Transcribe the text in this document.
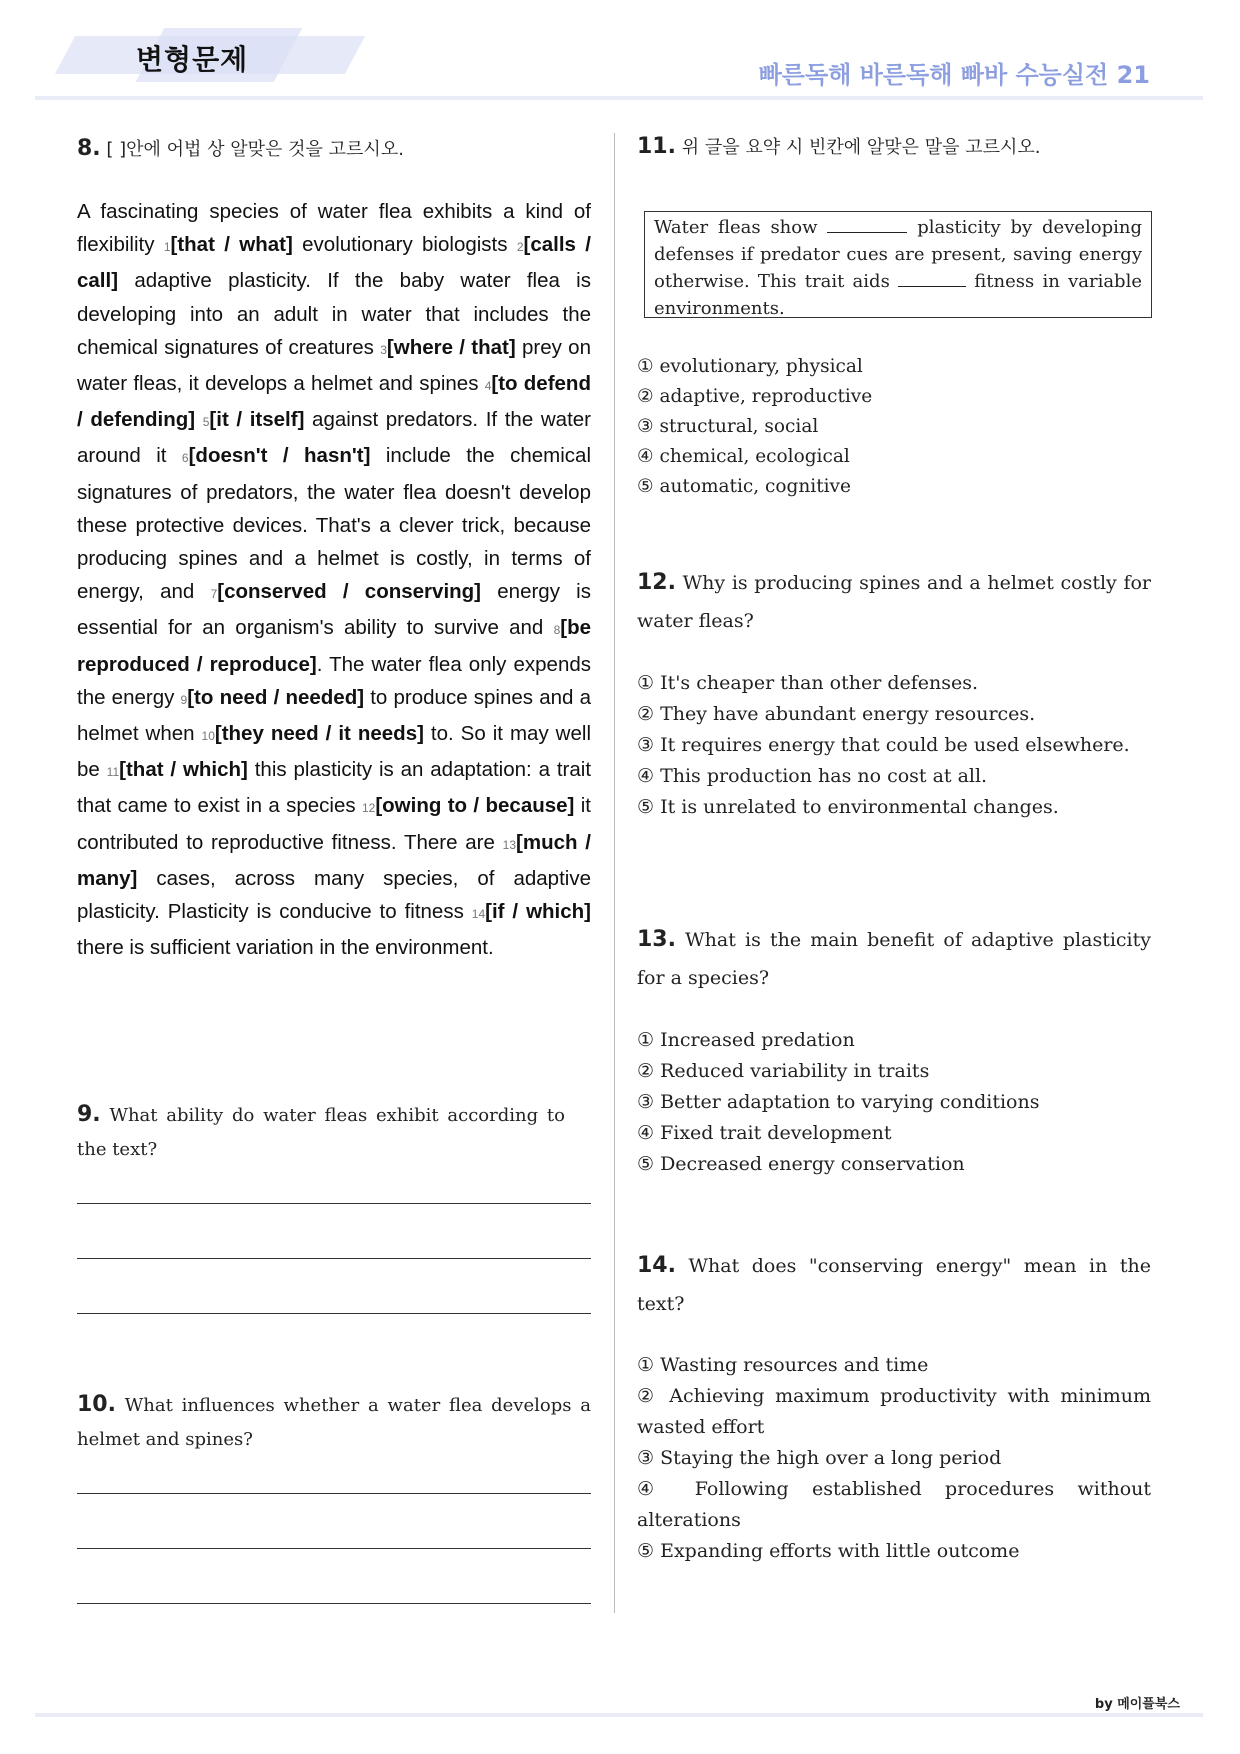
변형문제	빠른독해 바른독해 빠바 수능실전 21
8. [ ]안에 어법 상 알맞은 것을 고르시오.
A fascinating species of water flea exhibits a kind of flexibility 1[that / what] evolutionary biologists 2[calls / call] adaptive plasticity. If the baby water flea is developing into an adult in water that includes the chemical signatures of creatures 3[where / that] prey on water fleas, it develops a helmet and spines 4[to defend / defending] 5[it / itself] against predators. If the water around it 6[doesn't / hasn't] include the chemical signatures of predators, the water flea doesn't develop these protective devices. That's a clever trick, because producing spines and a helmet is costly, in terms of energy, and 7[conserved / conserving] energy is essential for an organism's ability to survive and 8[be reproduced / reproduce]. The water flea only expends the energy 9[to need / needed] to produce spines and a helmet when 10[they need / it needs] to. So it may well be 11[that / which] this plasticity is an adaptation: a trait that came to exist in a species 12[owing to / because] it contributed to reproductive fitness. There are 13[much / many] cases, across many species, of adaptive plasticity. Plasticity is conducive to fitness 14[if / which] there is sufficient variation in the environment.
9. What ability do water fleas exhibit according to the text?
10. What influences whether a water flea develops a helmet and spines?
11. 위 글을 요약 시 빈칸에 알맞은 말을 고르시오.
Water fleas show	plasticity by developing defenses if predator cues are present, saving energy otherwise. This trait aids	fitness in variable environments.
① evolutionary, physical
② adaptive, reproductive
③ structural, social
④ chemical, ecological
⑤ automatic, cognitive
12. Why is producing spines and a helmet costly for water fleas?
① It's cheaper than other defenses.
② They have abundant energy resources.
③ It requires energy that could be used elsewhere.
④ This production has no cost at all.
⑤ It is unrelated to environmental changes.
13. What is the main benefit of adaptive plasticity for a species?
① Increased predation
② Reduced variability in traits
③ Better adaptation to varying conditions
④ Fixed trait development
⑤ Decreased energy conservation
14. What does "conserving energy" mean in the text?
① Wasting resources and time
② Achieving maximum productivity with minimum wasted effort
③ Staying the high over a long period
④ Following established procedures without alterations
⑤ Expanding efforts with little outcome
by 메이플북스
